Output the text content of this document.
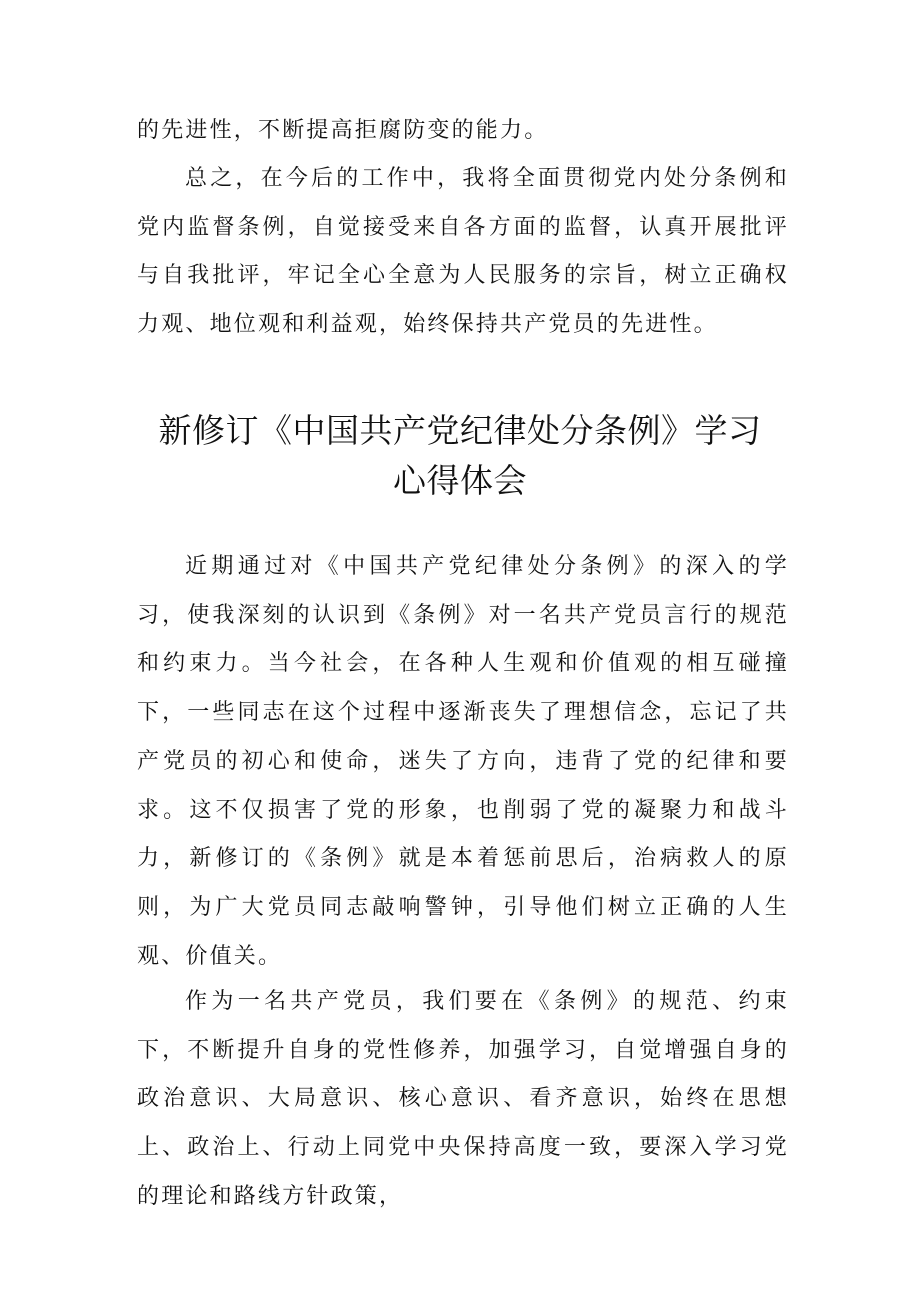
的先进性，不断提高拒腐防变的能力。

总之，在今后的工作中，我将全面贯彻党内处分条例和党内监督条例，自觉接受来自各方面的监督，认真开展批评与自我批评，牢记全心全意为人民服务的宗旨，树立正确权力观、地位观和利益观，始终保持共产党员的先进性。

新修订《中国共产党纪律处分条例》学习
心得体会

近期通过对《中国共产党纪律处分条例》的深入的学习，使我深刻的认识到《条例》对一名共产党员言行的规范和约束力。当今社会，在各种人生观和价值观的相互碰撞下，一些同志在这个过程中逐渐丧失了理想信念，忘记了共产党员的初心和使命，迷失了方向，违背了党的纪律和要求。这不仅损害了党的形象，也削弱了党的凝聚力和战斗力，新修订的《条例》就是本着惩前思后，治病救人的原则，为广大党员同志敲响警钟，引导他们树立正确的人生观、价值关。

作为一名共产党员，我们要在《条例》的规范、约束下，不断提升自身的党性修养，加强学习，自觉增强自身的政治意识、大局意识、核心意识、看齐意识，始终在思想上、政治上、行动上同党中央保持高度一致，要深入学习党的理论和路线方针政策，
